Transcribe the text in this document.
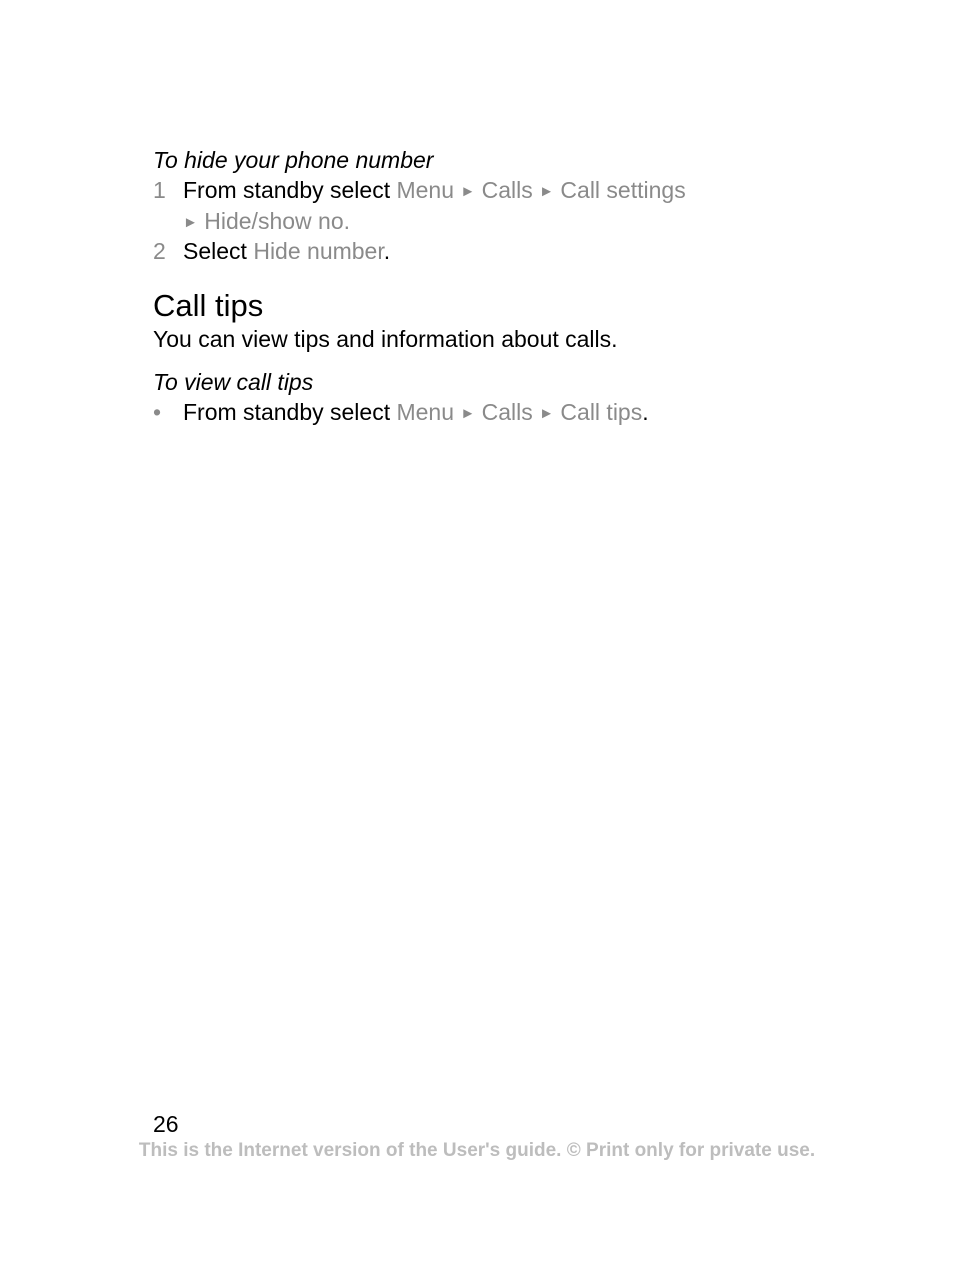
To hide your phone number
1 From standby select Menu ► Calls ► Call settings
► Hide/show no.
2 Select Hide number.
Call tips

You can view tips and information about calls.

To view call tips
• From standby select Menu ► Calls ► Call tips.
26
This is the Internet version of the User's guide. © Print only for private use.
